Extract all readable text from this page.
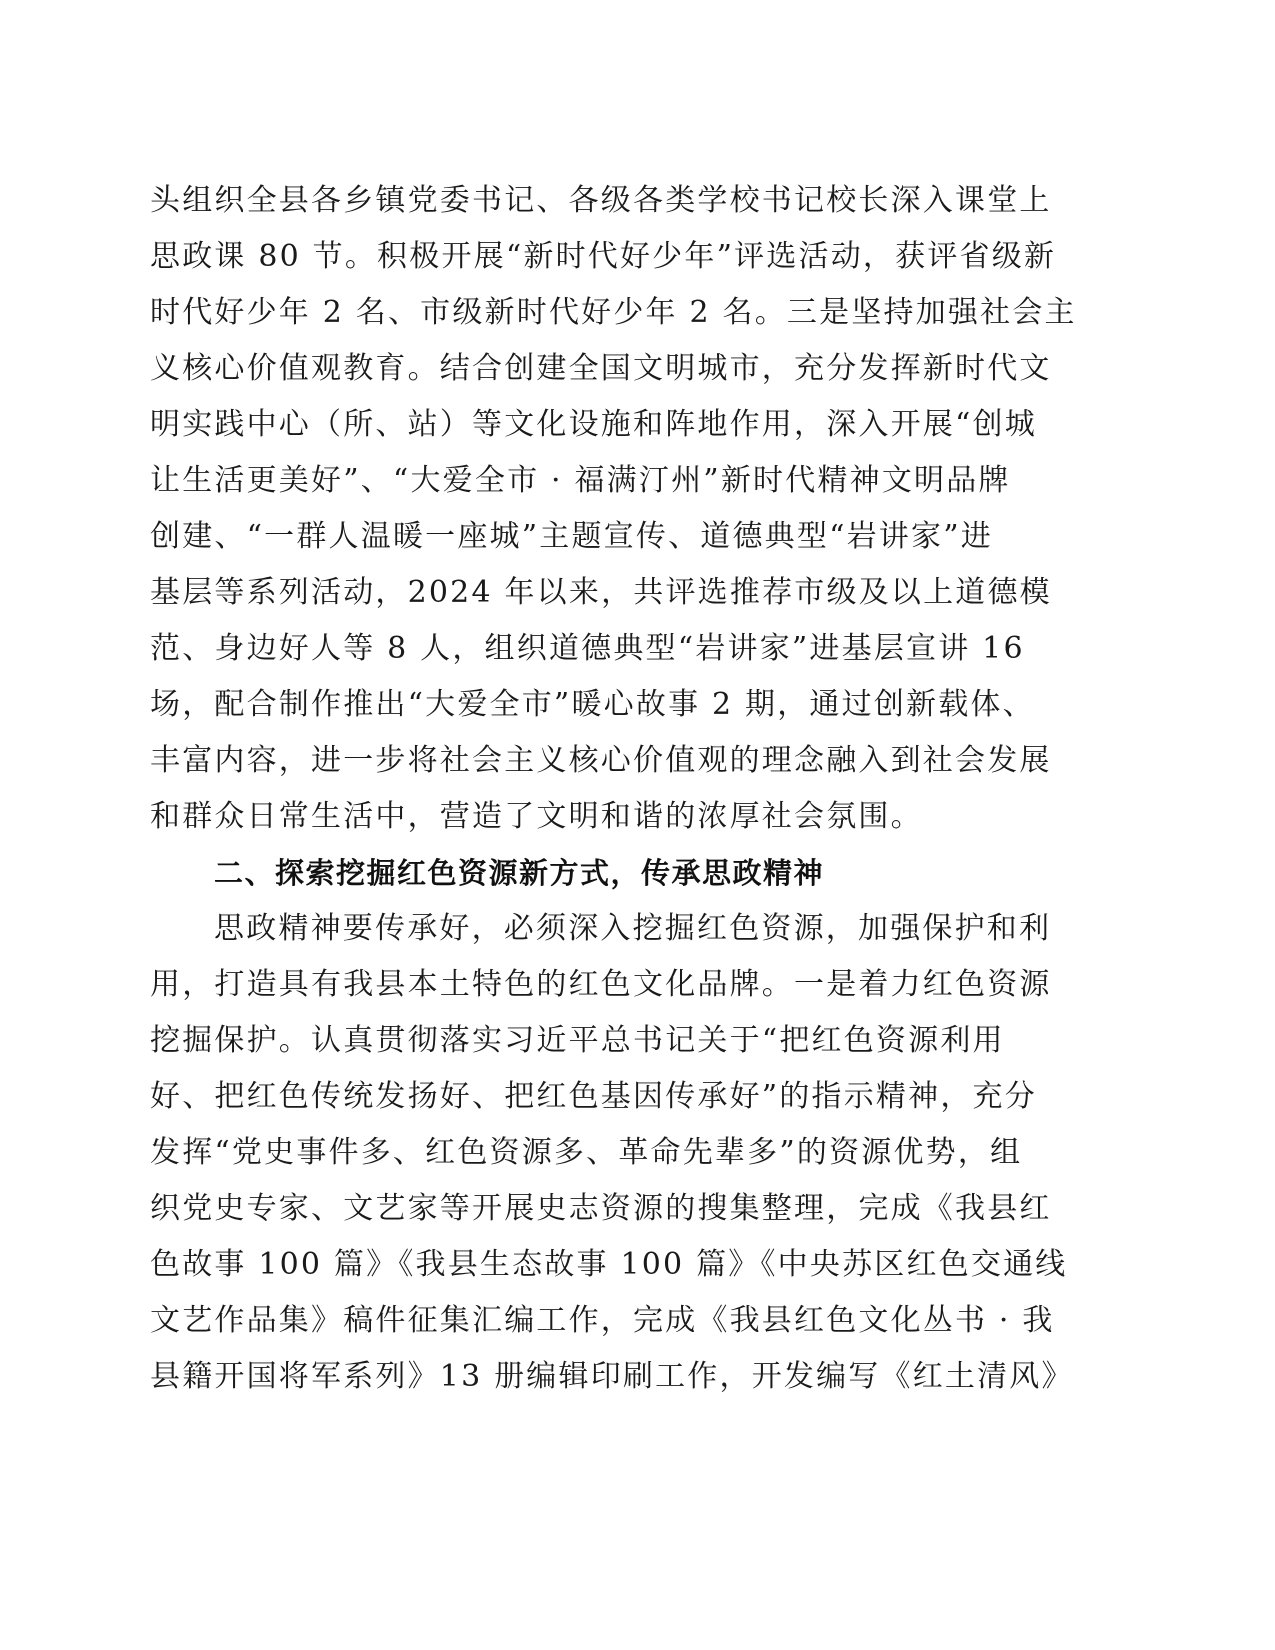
头组织全县各乡镇党委书记、各级各类学校书记校长深入课堂上
思政课 80 节。积极开展“新时代好少年”评选活动，获评省级新
时代好少年 2 名、市级新时代好少年 2 名。三是坚持加强社会主
义核心价值观教育。结合创建全国文明城市，充分发挥新时代文
明实践中心（所、站）等文化设施和阵地作用，深入开展“创城
让生活更美好”、“大爱全市 · 福满汀州”新时代精神文明品牌
创建、“一群人温暖一座城”主题宣传、道德典型“岩讲家”进
基层等系列活动，2024 年以来，共评选推荐市级及以上道德模
范、身边好人等 8 人，组织道德典型“岩讲家”进基层宣讲 16
场，配合制作推出“大爱全市”暖心故事 2 期，通过创新载体、
丰富内容，进一步将社会主义核心价值观的理念融入到社会发展
和群众日常生活中，营造了文明和谐的浓厚社会氛围。
二、探索挖掘红色资源新方式，传承思政精神
思政精神要传承好，必须深入挖掘红色资源，加强保护和利
用，打造具有我县本土特色的红色文化品牌。一是着力红色资源
挖掘保护。认真贯彻落实习近平总书记关于“把红色资源利用
好、把红色传统发扬好、把红色基因传承好”的指示精神，充分
发挥“党史事件多、红色资源多、革命先辈多”的资源优势，组
织党史专家、文艺家等开展史志资源的搜集整理，完成《我县红
色故事 100 篇》《我县生态故事 100 篇》《中央苏区红色交通线
文艺作品集》稿件征集汇编工作，完成《我县红色文化丛书 · 我
县籍开国将军系列》13 册编辑印刷工作，开发编写《红土清风》
